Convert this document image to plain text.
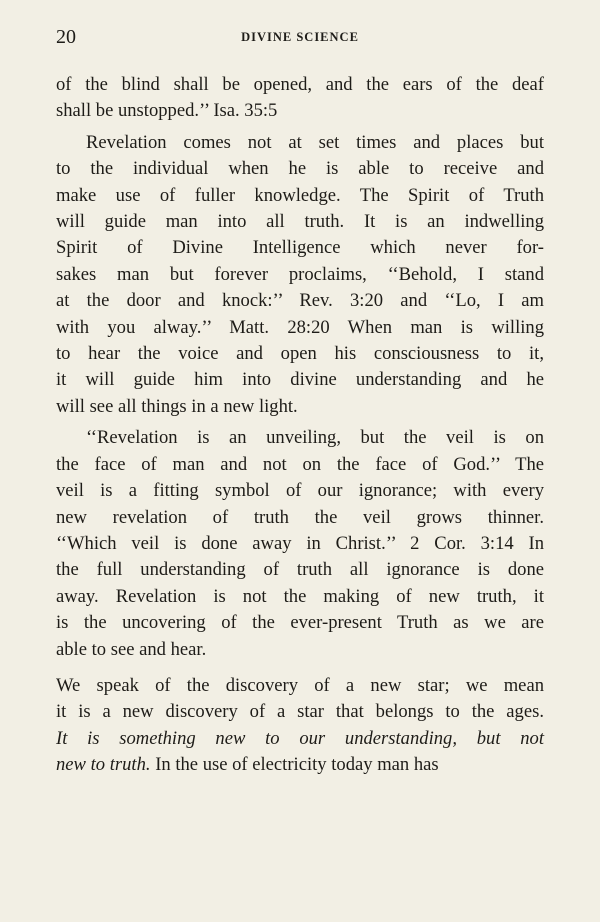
20	DIVINE SCIENCE
of the blind shall be opened, and the ears of the deaf
shall be unstopped.’’ Isa. 35:5
Revelation comes not at set times and places but
to the individual when he is able to receive and
make use of fuller knowledge. The Spirit of Truth
will guide man into all truth. It is an indwelling
Spirit of Divine Intelligence which never for-
sakes man but forever proclaims, ‘‘Behold, I stand
at the door and knock:’’ Rev. 3:20 and ‘‘Lo, I am
with you alway.’’ Matt. 28:20 When man is willing
to hear the voice and open his consciousness to it,
it will guide him into divine understanding and he
will see all things in a new light.
‘‘Revelation is an unveiling, but the veil is on
the face of man and not on the face of God.’’ The
veil is a fitting symbol of our ignorance; with every
new revelation of truth the veil grows thinner.
‘‘Which veil is done away in Christ.’’ 2 Cor. 3:14 In
the full understanding of truth all ignorance is done
away. Revelation is not the making of new truth, it
is the uncovering of the ever-present Truth as we are
able to see and hear.
We speak of the discovery of a new star; we mean
it is a new discovery of a star that belongs to the ages.
It is something new to our understanding, but not
new to truth. In the use of electricity today man has
